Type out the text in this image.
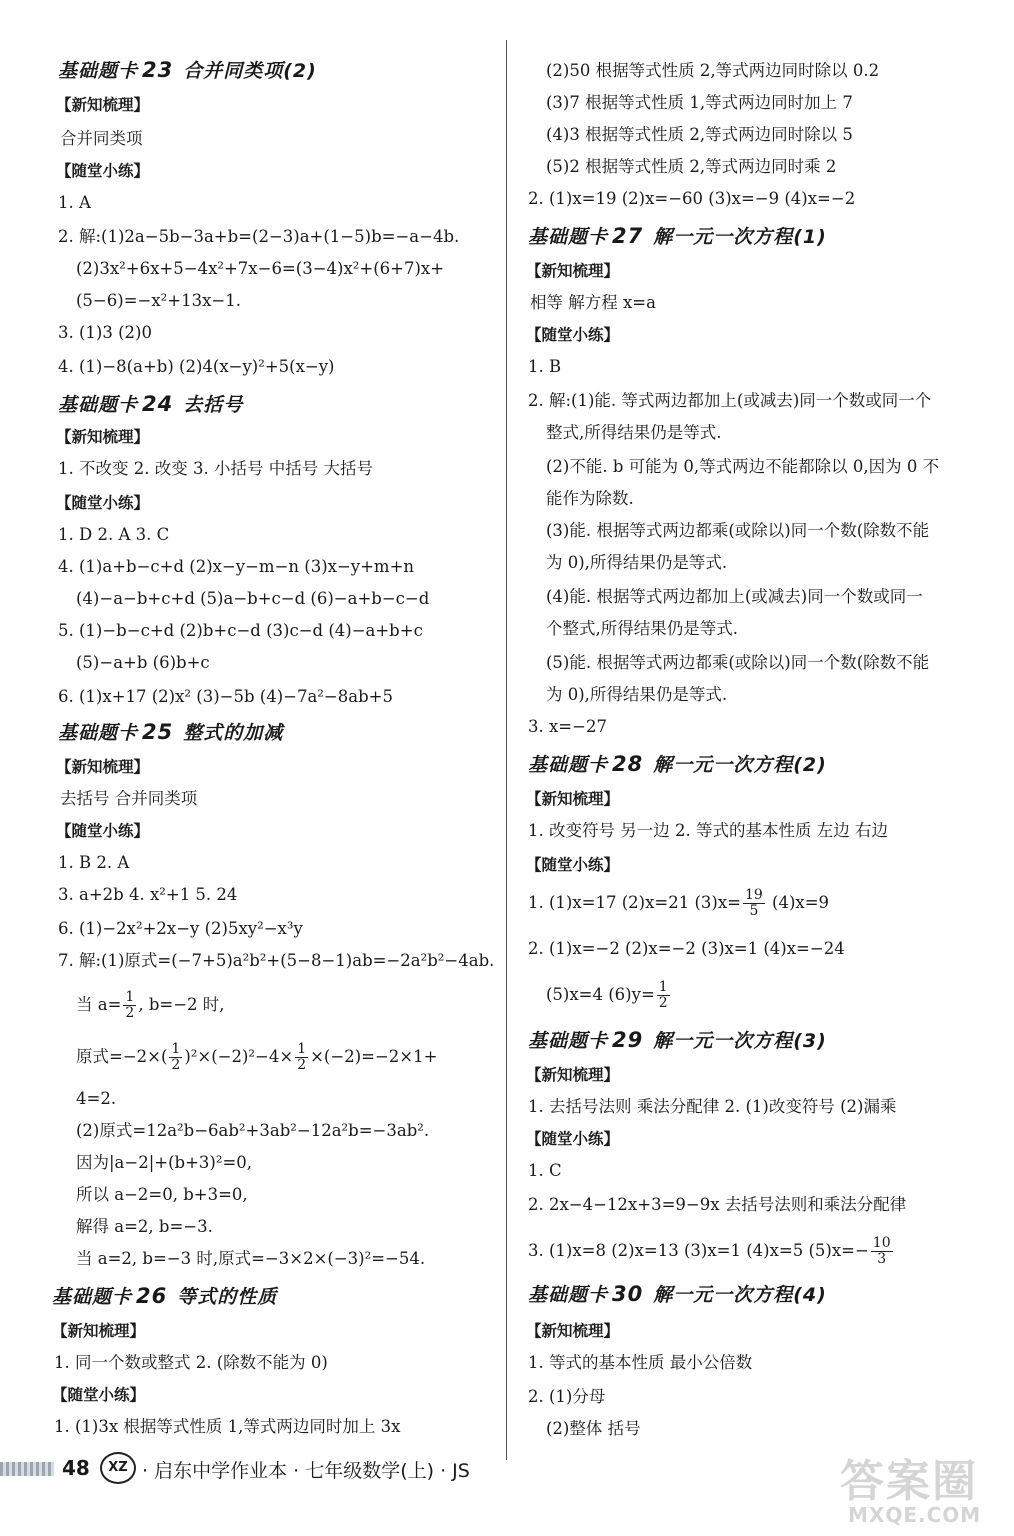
基础题卡 23 合并同类项(2)
【新知梳理】
合并同类项
【随堂小练】
1. A
2. 解:(1)2a−5b−3a+b=(2−3)a+(1−5)b=−a−4b.
(2)3x²+6x+5−4x²+7x−6=(3−4)x²+(6+7)x+
(5−6)=−x²+13x−1.
3. (1)3 (2)0
4. (1)−8(a+b) (2)4(x−y)²+5(x−y)
基础题卡 24 去括号
【新知梳理】
1. 不改变 2. 改变 3. 小括号 中括号 大括号
【随堂小练】
1. D 2. A 3. C
4. (1)a+b−c+d (2)x−y−m−n (3)x−y+m+n
(4)−a−b+c+d (5)a−b+c−d (6)−a+b−c−d
5. (1)−b−c+d (2)b+c−d (3)c−d (4)−a+b+c
(5)−a+b (6)b+c
6. (1)x+17 (2)x² (3)−5b (4)−7a²−8ab+5
基础题卡 25 整式的加减
【新知梳理】
去括号 合并同类项
【随堂小练】
1. B 2. A
3. a+2b 4. x²+1 5. 24
6. (1)−2x²+2x−y (2)5xy²−x³y
7. 解:(1)原式=(−7+5)a²b²+(5−8−1)ab=−2a²b²−4ab.
当 $a= \frac{1}{2}$ , b=−2 时,
原式$=-2\times( \frac{1}{2} )^2\times(-2)^2-4\times \frac{1}{2} \times(-2)=-2\times 1+$
4=2.
(2)原式=12a²b−6ab²+3ab²−12a²b=−3ab².
因为|a−2|+(b+3)²=0,
所以 a−2=0, b+3=0,
解得 a=2, b=−3.
当 a=2, b=−3 时,原式=−3×2×(−3)²=−54.
基础题卡 26 等式的性质
【新知梳理】
1. 同一个数或整式 2. (除数不能为 0)
【随堂小练】
1. (1)3x 根据等式性质 1,等式两边同时加上 3x
(2)50 根据等式性质 2,等式两边同时除以 0.2
(3)7 根据等式性质 1,等式两边同时加上 7
(4)3 根据等式性质 2,等式两边同时除以 5
(5)2 根据等式性质 2,等式两边同时乘 2
2. (1)x=19 (2)x=−60 (3)x=−9 (4)x=−2
基础题卡 27 解一元一次方程(1)
【新知梳理】
相等 解方程 x=a
【随堂小练】
1. B
2. 解:(1)能. 等式两边都加上(或减去)同一个数或同一个
整式,所得结果仍是等式.
(2)不能. b 可能为 0,等式两边不能都除以 0,因为 0 不
能作为除数.
(3)能. 根据等式两边都乘(或除以)同一个数(除数不能
为 0),所得结果仍是等式.
(4)能. 根据等式两边都加上(或减去)同一个数或同一
个整式,所得结果仍是等式.
(5)能. 根据等式两边都乘(或除以)同一个数(除数不能
为 0),所得结果仍是等式.
3. x=−27
基础题卡 28 解一元一次方程(2)
【新知梳理】
1. 改变符号 另一边 2. 等式的基本性质 左边 右边
【随堂小练】
1. (1)x=17 (2)x=21 $(3)x= \frac{19}{5} (4)x=9$
2. (1)x=−2 (2)x=−2 (3)x=1 (4)x=−24
(5)x=4 $(6)y= \frac{1}{2}$
基础题卡 29 解一元一次方程(3)
【新知梳理】
1. 去括号法则 乘法分配律 2. (1)改变符号 (2)漏乘
【随堂小练】
1. C
2. 2x−4−12x+3=9−9x 去括号法则和乘法分配律
3. (1)x=8 (2)x=13 (3)x=1 (4)x=5 $(5)x=- \frac{10}{3}$
基础题卡 30 解一元一次方程(4)
【新知梳理】
1. 等式的基本性质 最小公倍数
2. (1)分母
(2)整体 括号
48	XZ · 启东中学作业本 · 七年级数学(上) · JS	答案圈
MXQE.COM
